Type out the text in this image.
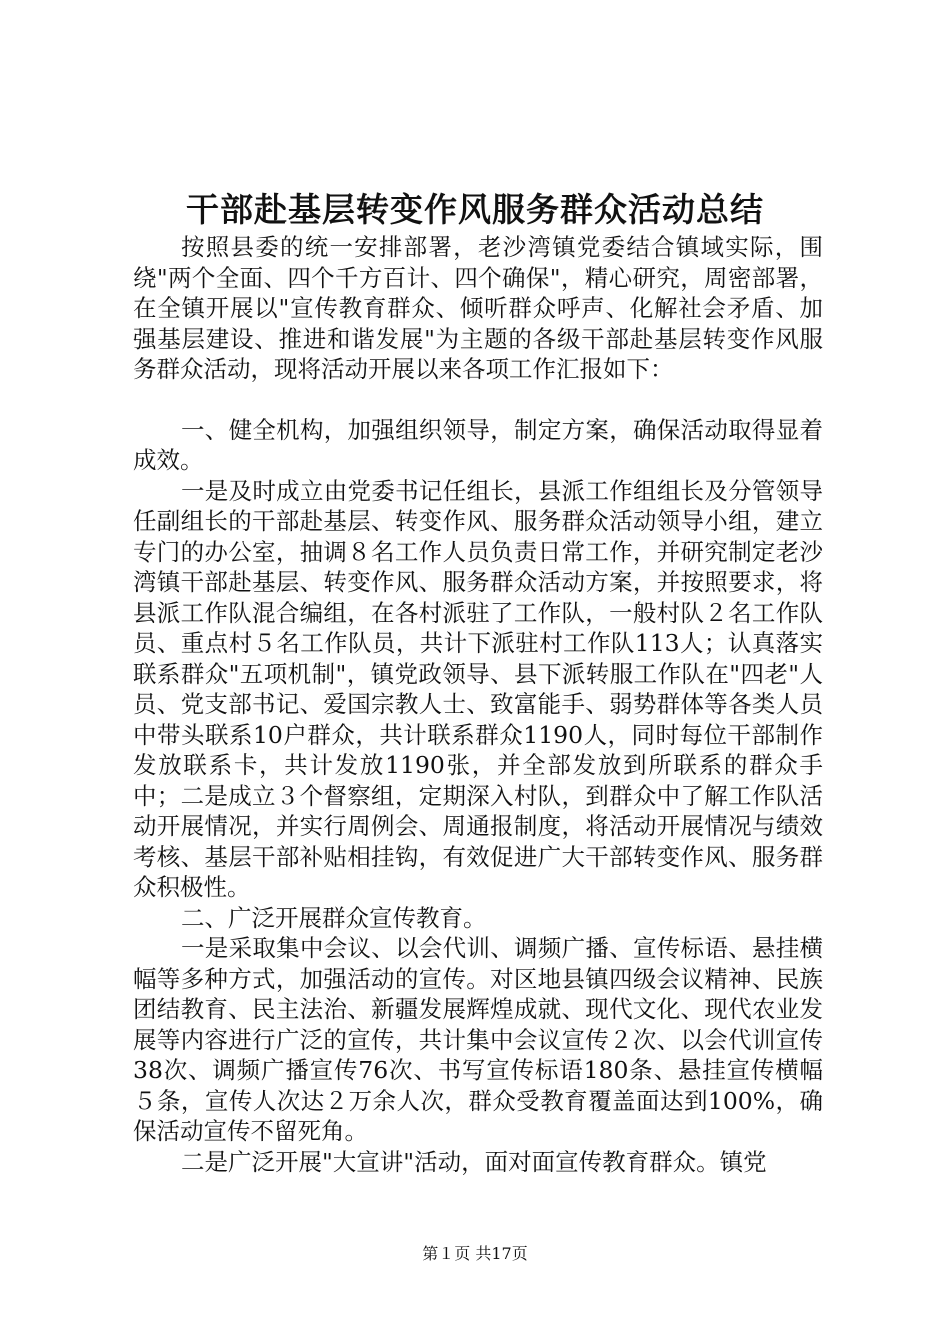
干部赴基层转变作风服务群众活动总结

按照县委的统一安排部署，老沙湾镇党委结合镇域实际，围绕"两个全面、四个千方百计、四个确保"，精心研究，周密部署，在全镇开展以"宣传教育群众、倾听群众呼声、化解社会矛盾、加强基层建设、推进和谐发展"为主题的各级干部赴基层转变作风服务群众活动，现将活动开展以来各项工作汇报如下：

一、健全机构，加强组织领导，制定方案，确保活动取得显着成效。

一是及时成立由党委书记任组长，县派工作组组长及分管领导任副组长的干部赴基层、转变作风、服务群众活动领导小组，建立专门的办公室，抽调８名工作人员负责日常工作，并研究制定老沙湾镇干部赴基层、转变作风、服务群众活动方案，并按照要求，将县派工作队混合编组，在各村派驻了工作队，一般村队２名工作队员、重点村５名工作队员，共计下派驻村工作队113人；认真落实联系群众"五项机制"，镇党政领导、县下派转服工作队在"四老"人员、党支部书记、爱国宗教人士、致富能手、弱势群体等各类人员中带头联系10户群众，共计联系群众1190人，同时每位干部制作发放联系卡，共计发放1190张，并全部发放到所联系的群众手中；二是成立３个督察组，定期深入村队，到群众中了解工作队活动开展情况，并实行周例会、周通报制度，将活动开展情况与绩效考核、基层干部补贴相挂钩，有效促进广大干部转变作风、服务群众积极性。

二、广泛开展群众宣传教育。

一是采取集中会议、以会代训、调频广播、宣传标语、悬挂横幅等多种方式，加强活动的宣传。对区地县镇四级会议精神、民族团结教育、民主法治、新疆发展辉煌成就、现代文化、现代农业发展等内容进行广泛的宣传，共计集中会议宣传２次、以会代训宣传38次、调频广播宣传76次、书写宣传标语180条、悬挂宣传横幅５条，宣传人次达２万余人次，群众受教育覆盖面达到100%，确保活动宣传不留死角。

二是广泛开展"大宣讲"活动，面对面宣传教育群众。镇党

第１页 共17页
